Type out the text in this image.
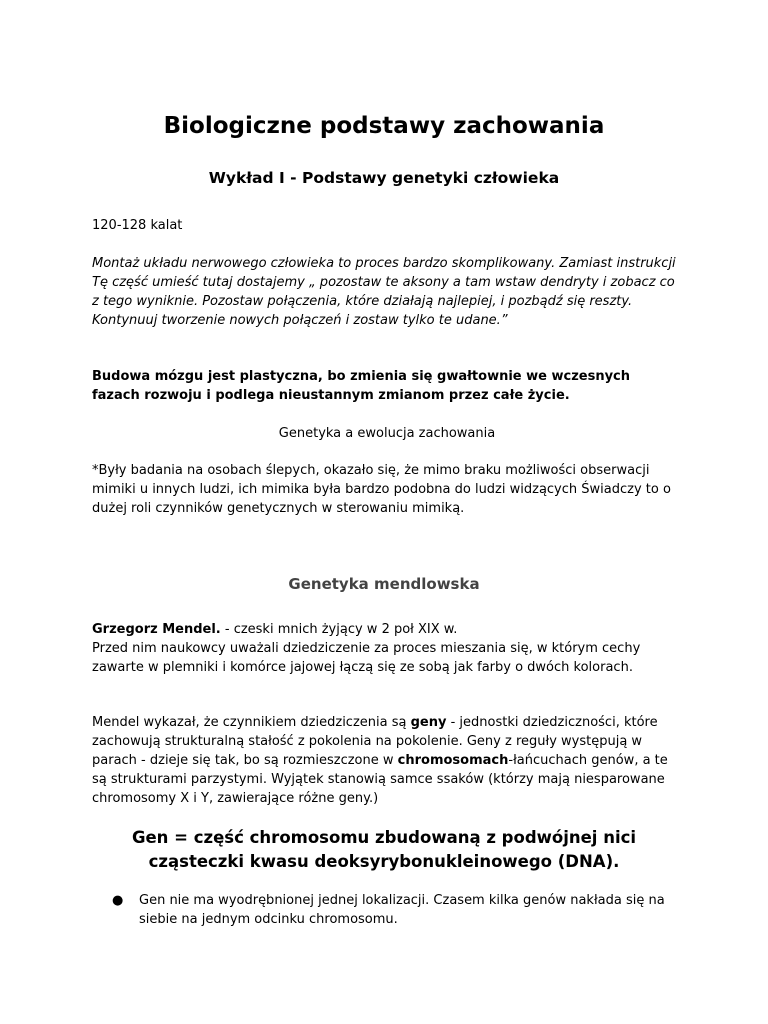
Biologiczne podstawy zachowania
Wykład I - Podstawy genetyki człowieka

120-128 kalat

Montaż układu nerwowego człowieka to proces bardzo skomplikowany. Zamiast instrukcji Tę część umieść tutaj dostajemy „ pozostaw te aksony a tam wstaw dendryty i zobacz co z tego wyniknie. Pozostaw połączenia, które działają najlepiej, i pozbądź się reszty. Kontynuuj tworzenie nowych połączeń i zostaw tylko te udane.”

Budowa mózgu jest plastyczna, bo zmienia się gwałtownie we wczesnych fazach rozwoju i podlega nieustannym zmianom przez całe życie.

Genetyka a ewolucja zachowania

*Były badania na osobach ślepych, okazało się, że mimo braku możliwości obserwacji mimiki u innych ludzi, ich mimika była bardzo podobna do ludzi widzących Świadczy to o dużej roli czynników genetycznych w sterowaniu mimiką.

Genetyka mendlowska

Grzegorz Mendel. - czeski mnich żyjący w 2 poł XIX w.
Przed nim naukowcy uważali dziedziczenie za proces mieszania się, w którym cechy zawarte w plemniki i komórce jajowej łączą się ze sobą jak farby o dwóch kolorach.

Mendel wykazał, że czynnikiem dziedziczenia są geny - jednostki dziedziczności, które zachowują strukturalną stałość z pokolenia na pokolenie. Geny z reguły występują w parach - dzieje się tak, bo są rozmieszczone w chromosomach-łańcuchach genów, a te są strukturami parzystymi. Wyjątek stanowią samce ssaków (którzy mają niesparowane chromosomy X i Y, zawierające różne geny.)

Gen = część chromosomu zbudowaną z podwójnej nici cząsteczki kwasu deoksyrybonukleinowego (DNA).
● Gen nie ma wyodrębnionej jednej lokalizacji. Czasem kilka genów nakłada się na siebie na jednym odcinku chromosomu.
